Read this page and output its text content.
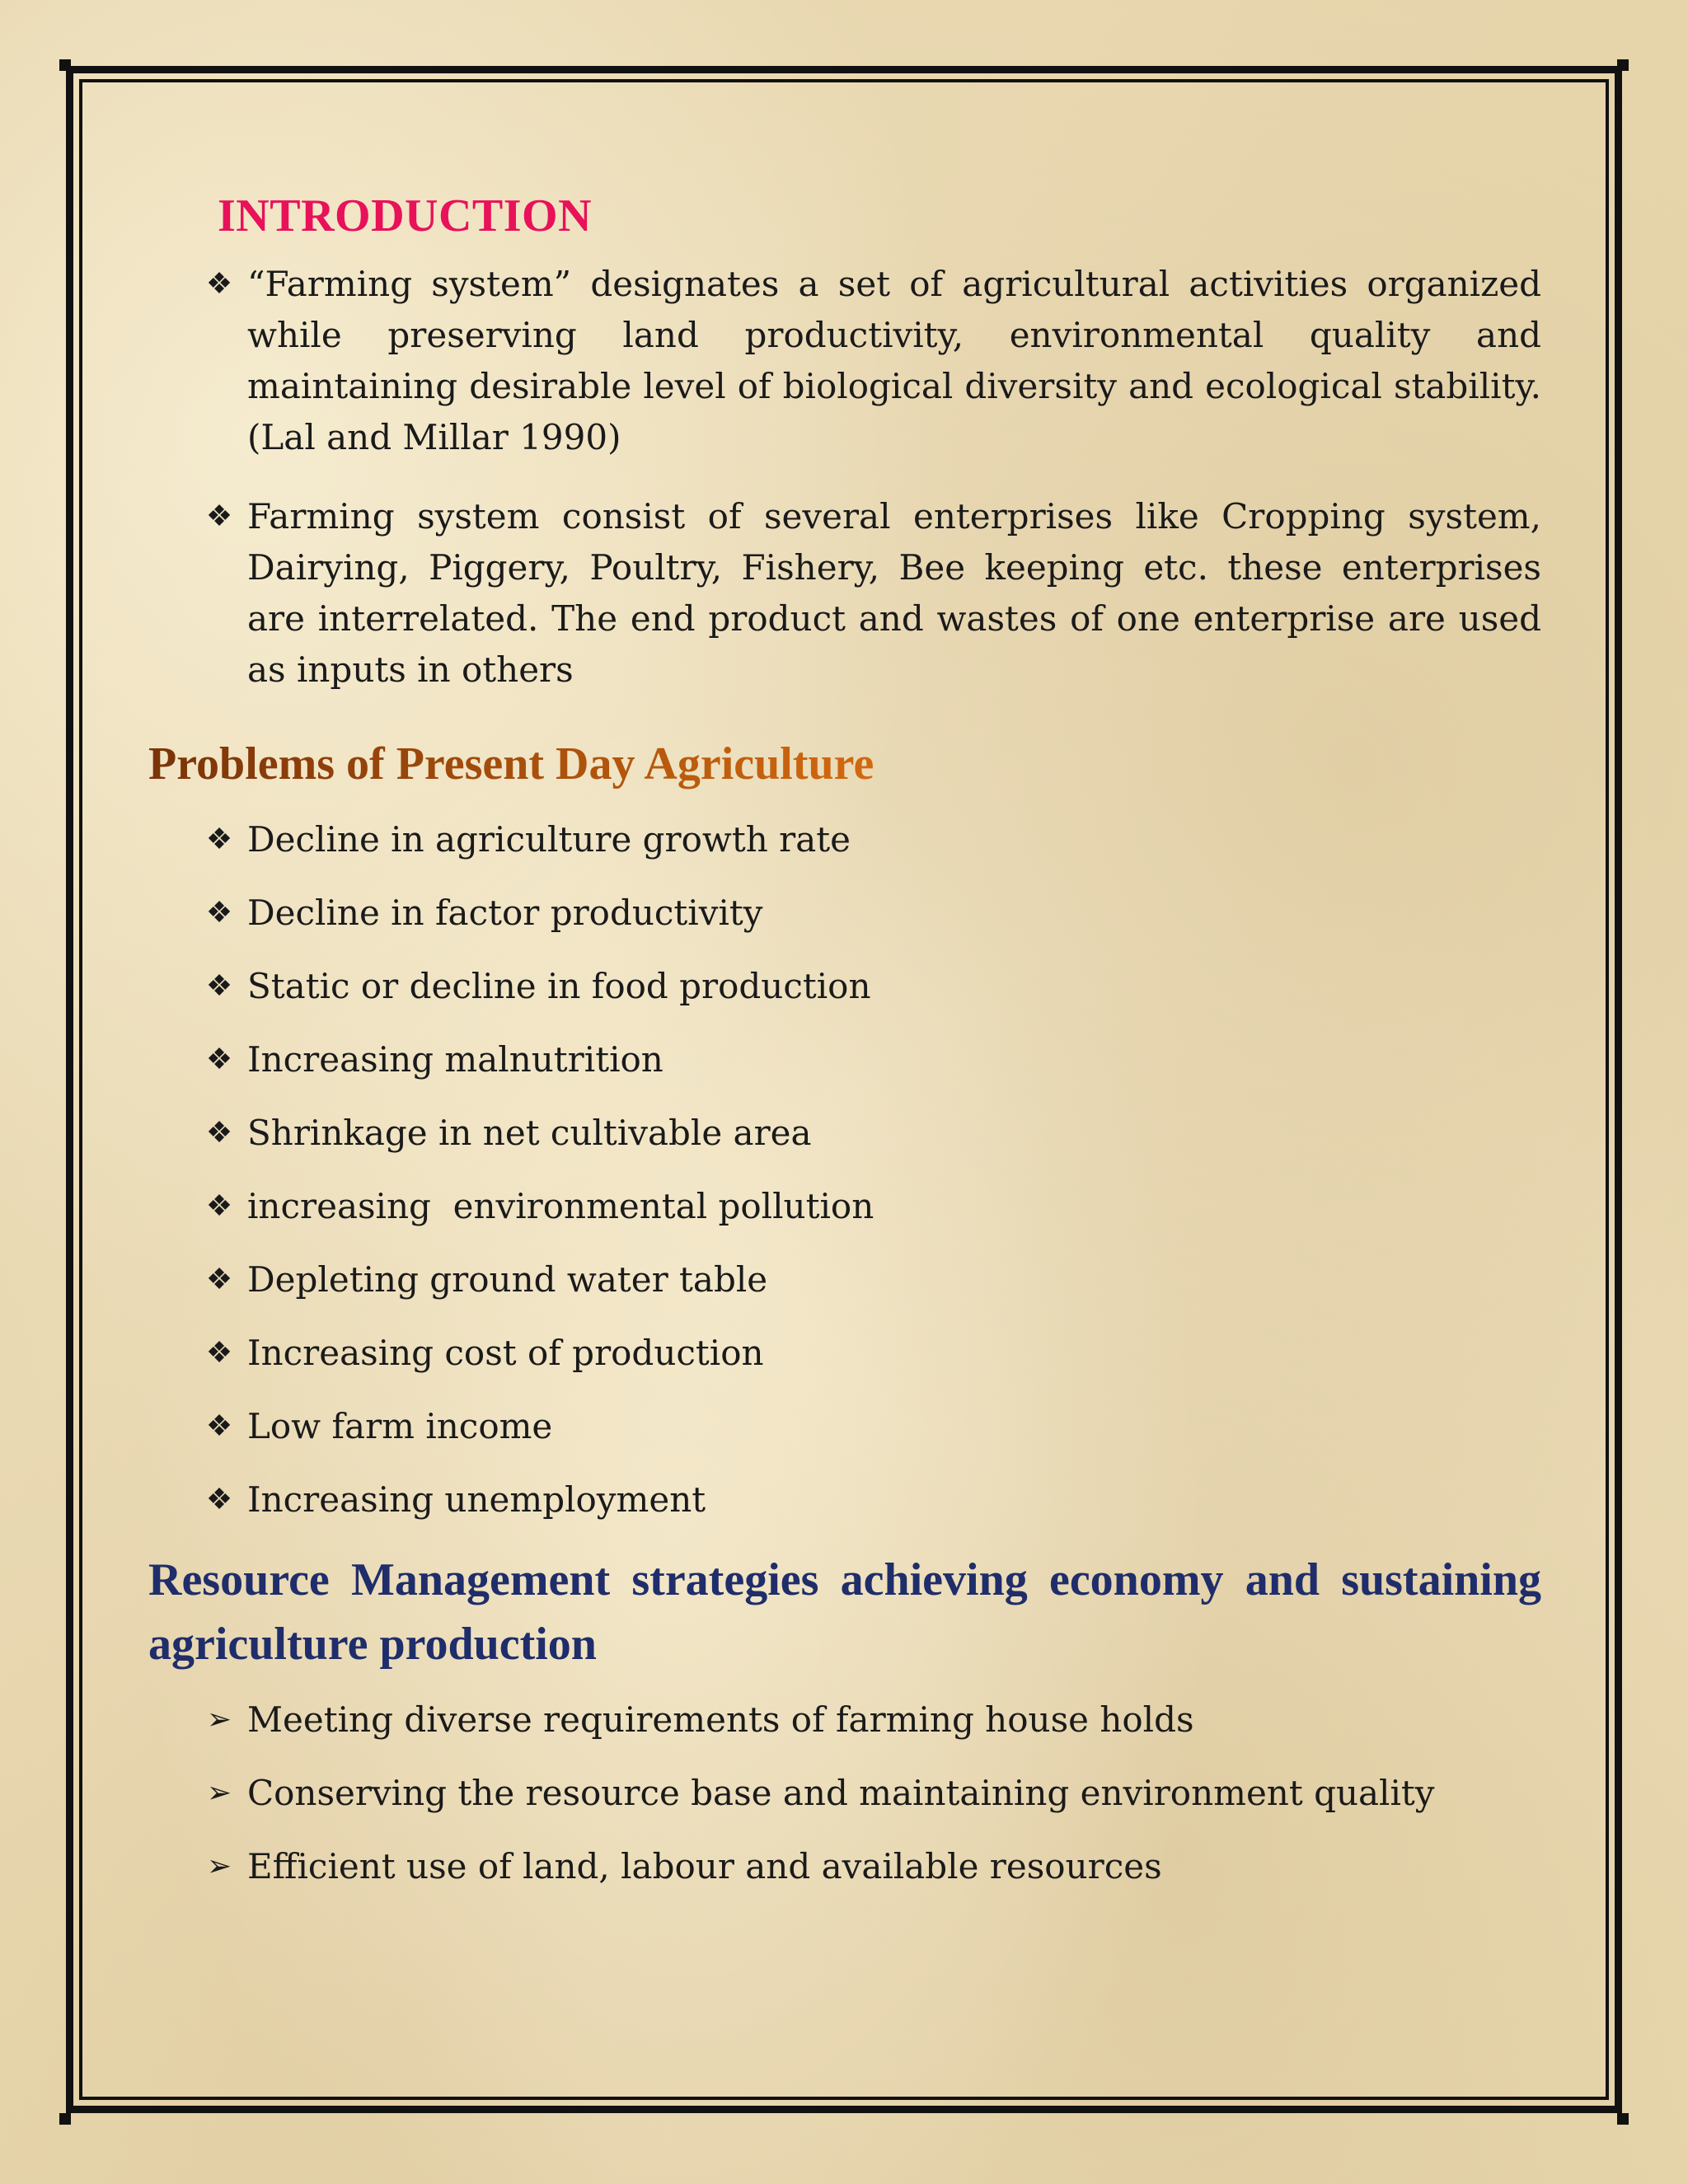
INTRODUCTION
❖ “Farming system” designates a set of agricultural activities organized while preserving land productivity, environmental quality and maintaining desirable level of biological diversity and ecological stability. (Lal and Millar 1990)
❖ Farming system consist of several enterprises like Cropping system, Dairying, Piggery, Poultry, Fishery, Bee keeping etc. these enterprises are interrelated. The end product and wastes of one enterprise are used as inputs in others
Problems of Present Day Agriculture
❖ Decline in agriculture growth rate
❖ Decline in factor productivity
❖ Static or decline in food production
❖ Increasing malnutrition
❖ Shrinkage in net cultivable area
❖ increasing  environmental pollution
❖ Depleting ground water table
❖ Increasing cost of production
❖ Low farm income
❖ Increasing unemployment
Resource Management strategies achieving economy and sustaining agriculture production
➢ Meeting diverse requirements of farming house holds
➢ Conserving the resource base and maintaining environment quality
➢ Efficient use of land, labour and available resources
